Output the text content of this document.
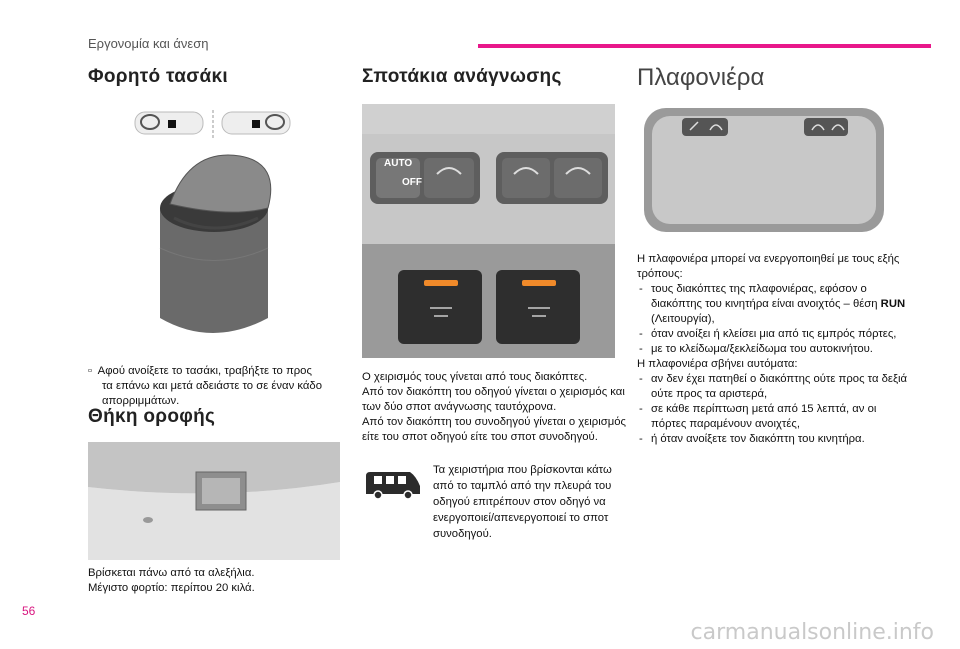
Εργονομία και άνεση
Φορητό τασάκι

▫ Αφού ανοίξετε το τασάκι, τραβήξτε το προς

τα επάνω και μετά αδειάστε το σε έναν κάδο

απορριμμάτων.

Θήκη οροφής

Βρίσκεται πάνω από τα αλεξήλια.

Μέγιστο φορτίο: περίπου 20 κιλά.

Σποτάκια ανάγνωσης
AUTO
OFF

Ο χειρισμός τους γίνεται από τους διακόπτες.

Από τον διακόπτη του οδηγού γίνεται ο χειρισμός και

των δύο σποτ ανάγνωσης ταυτόχρονα.

Από τον διακόπτη του συνοδηγού γίνεται ο χειρισμός

είτε του σποτ οδηγού είτε του σποτ συνοδηγού.

Τα χειριστήρια που βρίσκονται κάτω

από το ταμπλό από την πλευρά του

οδηγού επιτρέπουν στον οδηγό να

ενεργοποιεί/απενεργοποιεί το σποτ

συνοδηγού.

Πλαφονιέρα

Η πλαφονιέρα μπορεί να ενεργοποιηθεί με τους εξής

τρόπους:

- τους διακόπτες της πλαφονιέρας, εφόσον ο

διακόπτης του κινητήρα είναι ανοιχτός – θέση RUN

(Λειτουργία),

- όταν ανοίξει ή κλείσει μια από τις εμπρός πόρτες,

- με το κλείδωμα/ξεκλείδωμα του αυτοκινήτου.

Η πλαφονιέρα σβήνει αυτόματα:

- αν δεν έχει πατηθεί ο διακόπτης ούτε προς τα δεξιά

ούτε προς τα αριστερά,

- σε κάθε περίπτωση μετά από 15 λεπτά, αν οι

πόρτες παραμένουν ανοιχτές,

- ή όταν ανοίξετε τον διακόπτη του κινητήρα.

56
carmanualsonline.info
